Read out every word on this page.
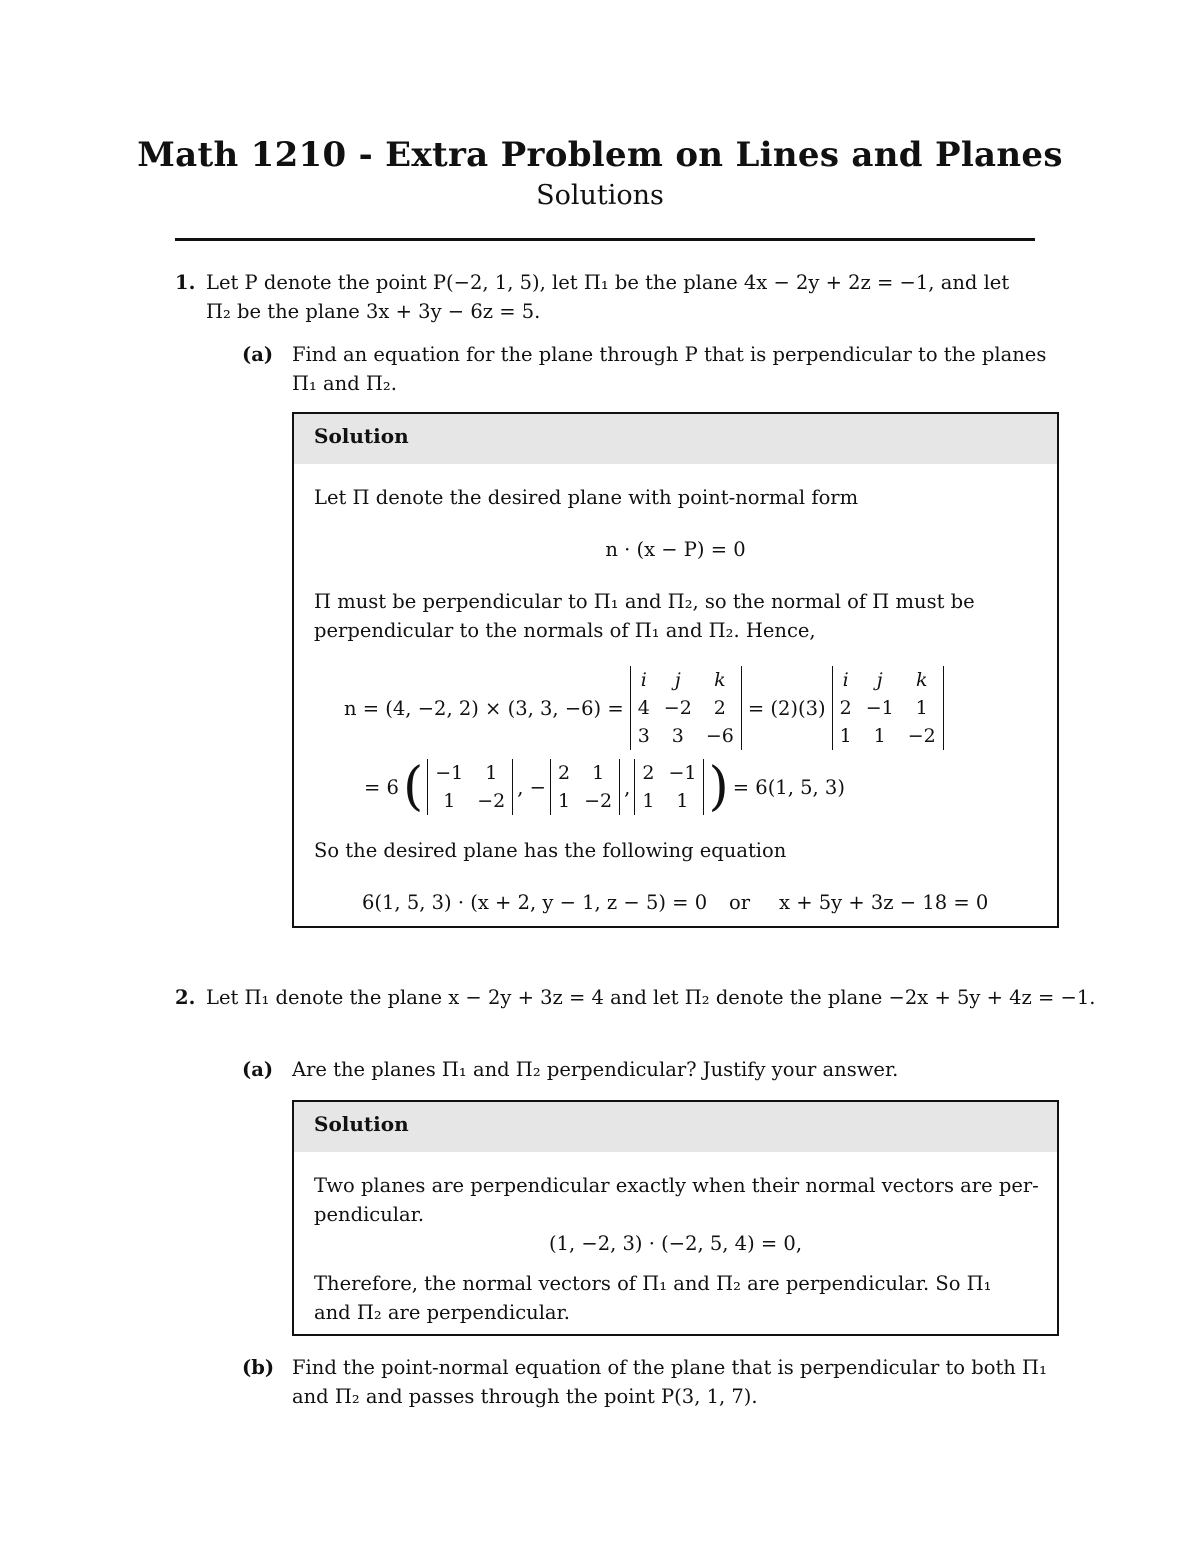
Math 1210 - Extra Problem on Lines and Planes
Solutions
1. Let P denote the point P(−2, 1, 5), let Π₁ be the plane 4x − 2y + 2z = −1, and let
Π₂ be the plane 3x + 3y − 6z = 5.
(a) Find an equation for the plane through P that is perpendicular to the planes
Π₁ and Π₂.
Solution
Let Π denote the desired plane with point-normal form
n · (x − P) = 0
Π must be perpendicular to Π₁ and Π₂, so the normal of Π must be
perpendicular to the normals of Π₁ and Π₂. Hence,
n = (4, −2, 2) × (3, 3, −6) =
i	j	k
4	−2	2
3	3	−6
= (2)(3)
i	j	k
2	−1	1
1	1	−2
= 6 ( −1	1
1	−2
, −
2	1
1	−2
,
2	−1
1	1 ) = 6(1, 5, 3)
So the desired plane has the following equation
6(1, 5, 3) · (x + 2, y − 1, z − 5) = 0 or x + 5y + 3z − 18 = 0
2. Let Π₁ denote the plane x − 2y + 3z = 4 and let Π₂ denote the plane −2x + 5y + 4z = −1.
(a) Are the planes Π₁ and Π₂ perpendicular? Justify your answer.
Solution
Two planes are perpendicular exactly when their normal vectors are per-
pendicular.
(1, −2, 3) · (−2, 5, 4) = 0,
Therefore, the normal vectors of Π₁ and Π₂ are perpendicular. So Π₁
and Π₂ are perpendicular.
(b) Find the point-normal equation of the plane that is perpendicular to both Π₁
and Π₂ and passes through the point P(3, 1, 7).
